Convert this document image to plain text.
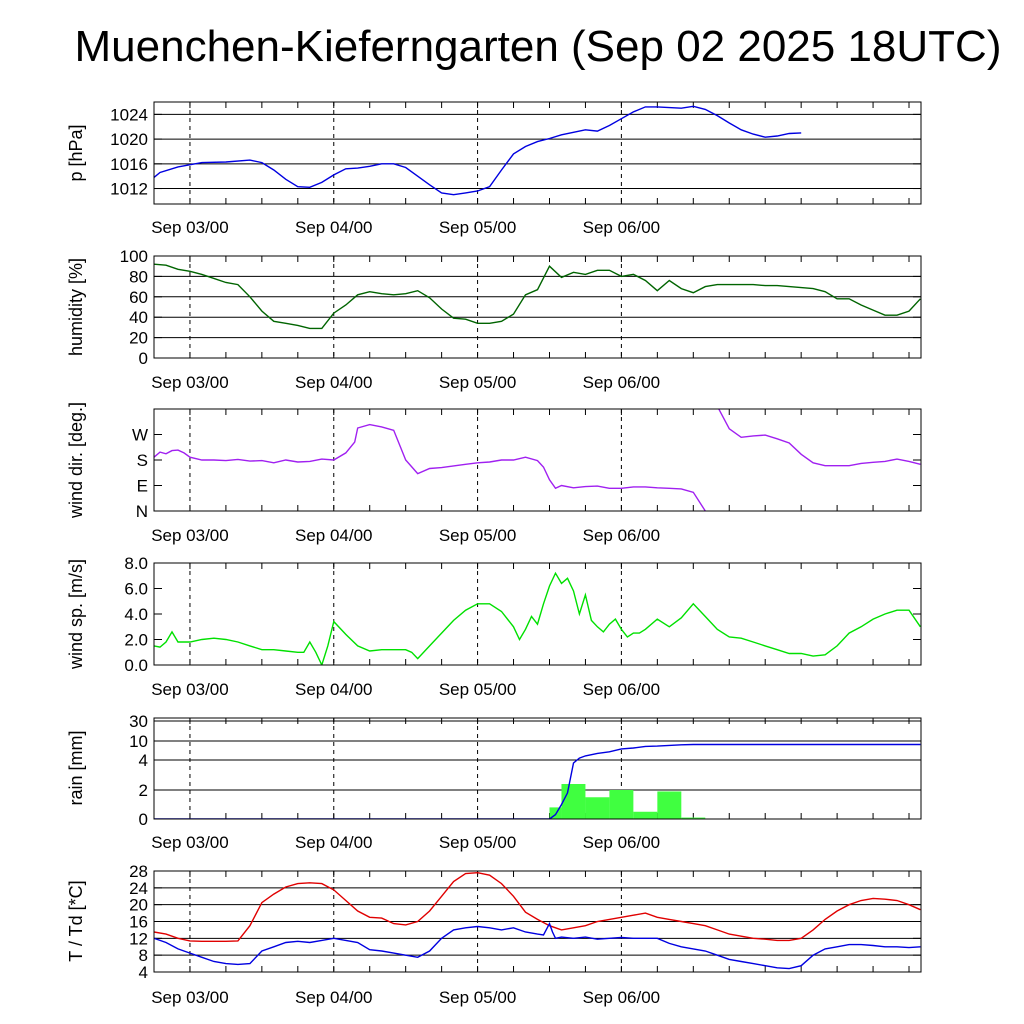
Muenchen-Kieferngarten (Sep 02 2025 18UTC)
1012
1016
1020
1024
Sep 03/00	Sep 04/00	Sep 05/00	Sep 06/00
p [hPa]
0
20
40
60
80
100
Sep 03/00	Sep 04/00	Sep 05/00	Sep 06/00
humidity [%]
N
E
S
W
Sep 03/00	Sep 04/00	Sep 05/00	Sep 06/00
wind dir. [deg.]
0.0
2.0
4.0
6.0
8.0
Sep 03/00	Sep 04/00	Sep 05/00	Sep 06/00
wind sp. [m/s]
0
2
4
10
30
Sep 03/00	Sep 04/00	Sep 05/00	Sep 06/00
rain [mm]
4
8
12
16
20
24
28
Sep 03/00	Sep 04/00	Sep 05/00	Sep 06/00
T / Td [*C]
